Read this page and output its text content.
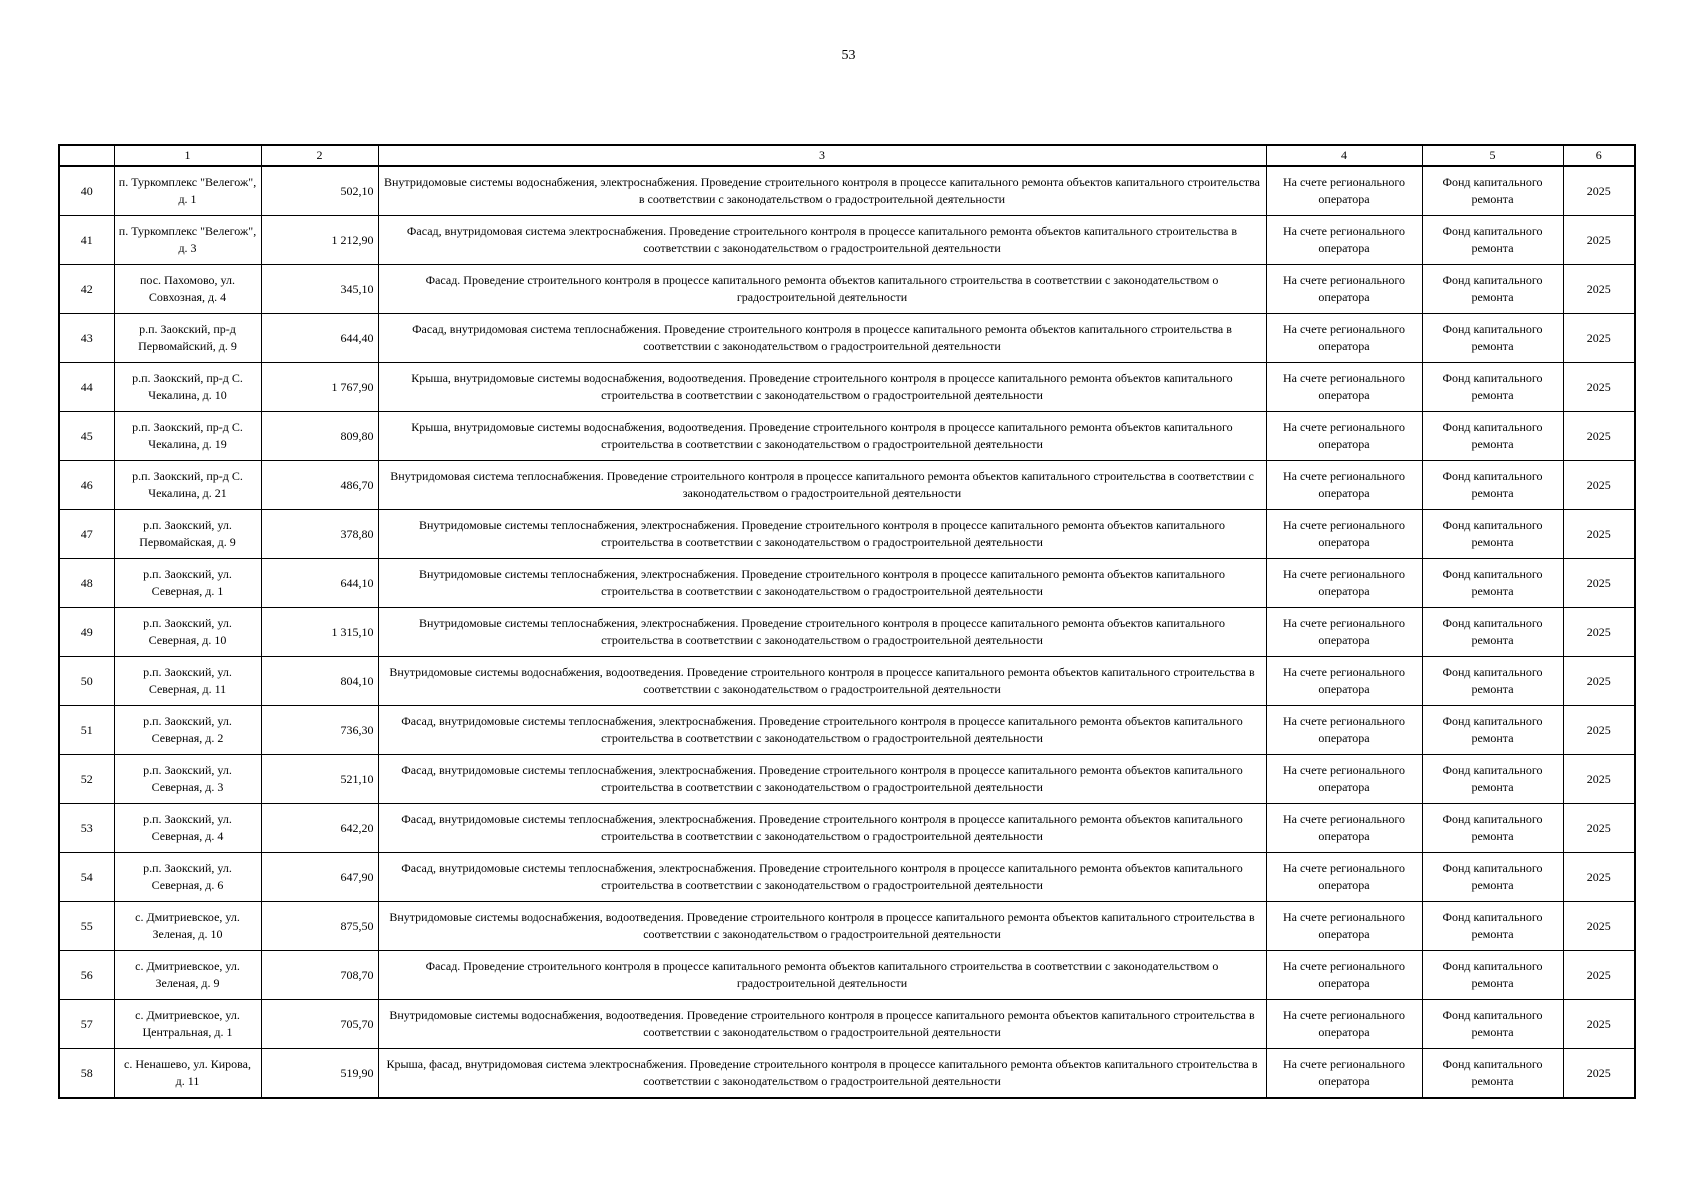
53
	1	2	3	4	5	6
40	п. Туркомплекс "Велегож", д. 1	502,10	Внутридомовые системы водоснабжения, электроснабжения. Проведение строительного контроля в процессе капитального ремонта объектов капитального строительства в соответствии с законодательством о градостроительной деятельности	На счете регионального оператора	Фонд капитального ремонта	2025
41	п. Туркомплекс "Велегож", д. 3	1 212,90	Фасад, внутридомовая система электроснабжения. Проведение строительного контроля в процессе капитального ремонта объектов капитального строительства в соответствии с законодательством о градостроительной деятельности	На счете регионального оператора	Фонд капитального ремонта	2025
42	пос. Пахомово, ул. Совхозная, д. 4	345,10	Фасад. Проведение строительного контроля в процессе капитального ремонта объектов капитального строительства в соответствии с законодательством о градостроительной деятельности	На счете регионального оператора	Фонд капитального ремонта	2025
43	р.п. Заокский, пр-д Первомайский, д. 9	644,40	Фасад, внутридомовая система теплоснабжения. Проведение строительного контроля в процессе капитального ремонта объектов капитального строительства в соответствии с законодательством о градостроительной деятельности	На счете регионального оператора	Фонд капитального ремонта	2025
44	р.п. Заокский, пр-д С. Чекалина, д. 10	1 767,90	Крыша, внутридомовые системы водоснабжения, водоотведения. Проведение строительного контроля в процессе капитального ремонта объектов капитального строительства в соответствии с законодательством о градостроительной деятельности	На счете регионального оператора	Фонд капитального ремонта	2025
45	р.п. Заокский, пр-д С. Чекалина, д. 19	809,80	Крыша, внутридомовые системы водоснабжения, водоотведения. Проведение строительного контроля в процессе капитального ремонта объектов капитального строительства в соответствии с законодательством о градостроительной деятельности	На счете регионального оператора	Фонд капитального ремонта	2025
46	р.п. Заокский, пр-д С. Чекалина, д. 21	486,70	Внутридомовая система теплоснабжения. Проведение строительного контроля в процессе капитального ремонта объектов капитального строительства в соответствии с законодательством о градостроительной деятельности	На счете регионального оператора	Фонд капитального ремонта	2025
47	р.п. Заокский, ул. Первомайская, д. 9	378,80	Внутридомовые системы теплоснабжения, электроснабжения. Проведение строительного контроля в процессе капитального ремонта объектов капитального строительства в соответствии с законодательством о градостроительной деятельности	На счете регионального оператора	Фонд капитального ремонта	2025
48	р.п. Заокский, ул. Северная, д. 1	644,10	Внутридомовые системы теплоснабжения, электроснабжения. Проведение строительного контроля в процессе капитального ремонта объектов капитального строительства в соответствии с законодательством о градостроительной деятельности	На счете регионального оператора	Фонд капитального ремонта	2025
49	р.п. Заокский, ул. Северная, д. 10	1 315,10	Внутридомовые системы теплоснабжения, электроснабжения. Проведение строительного контроля в процессе капитального ремонта объектов капитального строительства в соответствии с законодательством о градостроительной деятельности	На счете регионального оператора	Фонд капитального ремонта	2025
50	р.п. Заокский, ул. Северная, д. 11	804,10	Внутридомовые системы водоснабжения, водоотведения. Проведение строительного контроля в процессе капитального ремонта объектов капитального строительства в соответствии с законодательством о градостроительной деятельности	На счете регионального оператора	Фонд капитального ремонта	2025
51	р.п. Заокский, ул. Северная, д. 2	736,30	Фасад, внутридомовые системы теплоснабжения, электроснабжения. Проведение строительного контроля в процессе капитального ремонта объектов капитального строительства в соответствии с законодательством о градостроительной деятельности	На счете регионального оператора	Фонд капитального ремонта	2025
52	р.п. Заокский, ул. Северная, д. 3	521,10	Фасад, внутридомовые системы теплоснабжения, электроснабжения. Проведение строительного контроля в процессе капитального ремонта объектов капитального строительства в соответствии с законодательством о градостроительной деятельности	На счете регионального оператора	Фонд капитального ремонта	2025
53	р.п. Заокский, ул. Северная, д. 4	642,20	Фасад, внутридомовые системы теплоснабжения, электроснабжения. Проведение строительного контроля в процессе капитального ремонта объектов капитального строительства в соответствии с законодательством о градостроительной деятельности	На счете регионального оператора	Фонд капитального ремонта	2025
54	р.п. Заокский, ул. Северная, д. 6	647,90	Фасад, внутридомовые системы теплоснабжения, электроснабжения. Проведение строительного контроля в процессе капитального ремонта объектов капитального строительства в соответствии с законодательством о градостроительной деятельности	На счете регионального оператора	Фонд капитального ремонта	2025
55	с. Дмитриевское, ул. Зеленая, д. 10	875,50	Внутридомовые системы водоснабжения, водоотведения. Проведение строительного контроля в процессе капитального ремонта объектов капитального строительства в соответствии с законодательством о градостроительной деятельности	На счете регионального оператора	Фонд капитального ремонта	2025
56	с. Дмитриевское, ул. Зеленая, д. 9	708,70	Фасад. Проведение строительного контроля в процессе капитального ремонта объектов капитального строительства в соответствии с законодательством о градостроительной деятельности	На счете регионального оператора	Фонд капитального ремонта	2025
57	с. Дмитриевское, ул. Центральная, д. 1	705,70	Внутридомовые системы водоснабжения, водоотведения. Проведение строительного контроля в процессе капитального ремонта объектов капитального строительства в соответствии с законодательством о градостроительной деятельности	На счете регионального оператора	Фонд капитального ремонта	2025
58	с. Ненашево, ул. Кирова, д. 11	519,90	Крыша, фасад, внутридомовая система электроснабжения. Проведение строительного контроля в процессе капитального ремонта объектов капитального строительства в соответствии с законодательством о градостроительной деятельности	На счете регионального оператора	Фонд капитального ремонта	2025
